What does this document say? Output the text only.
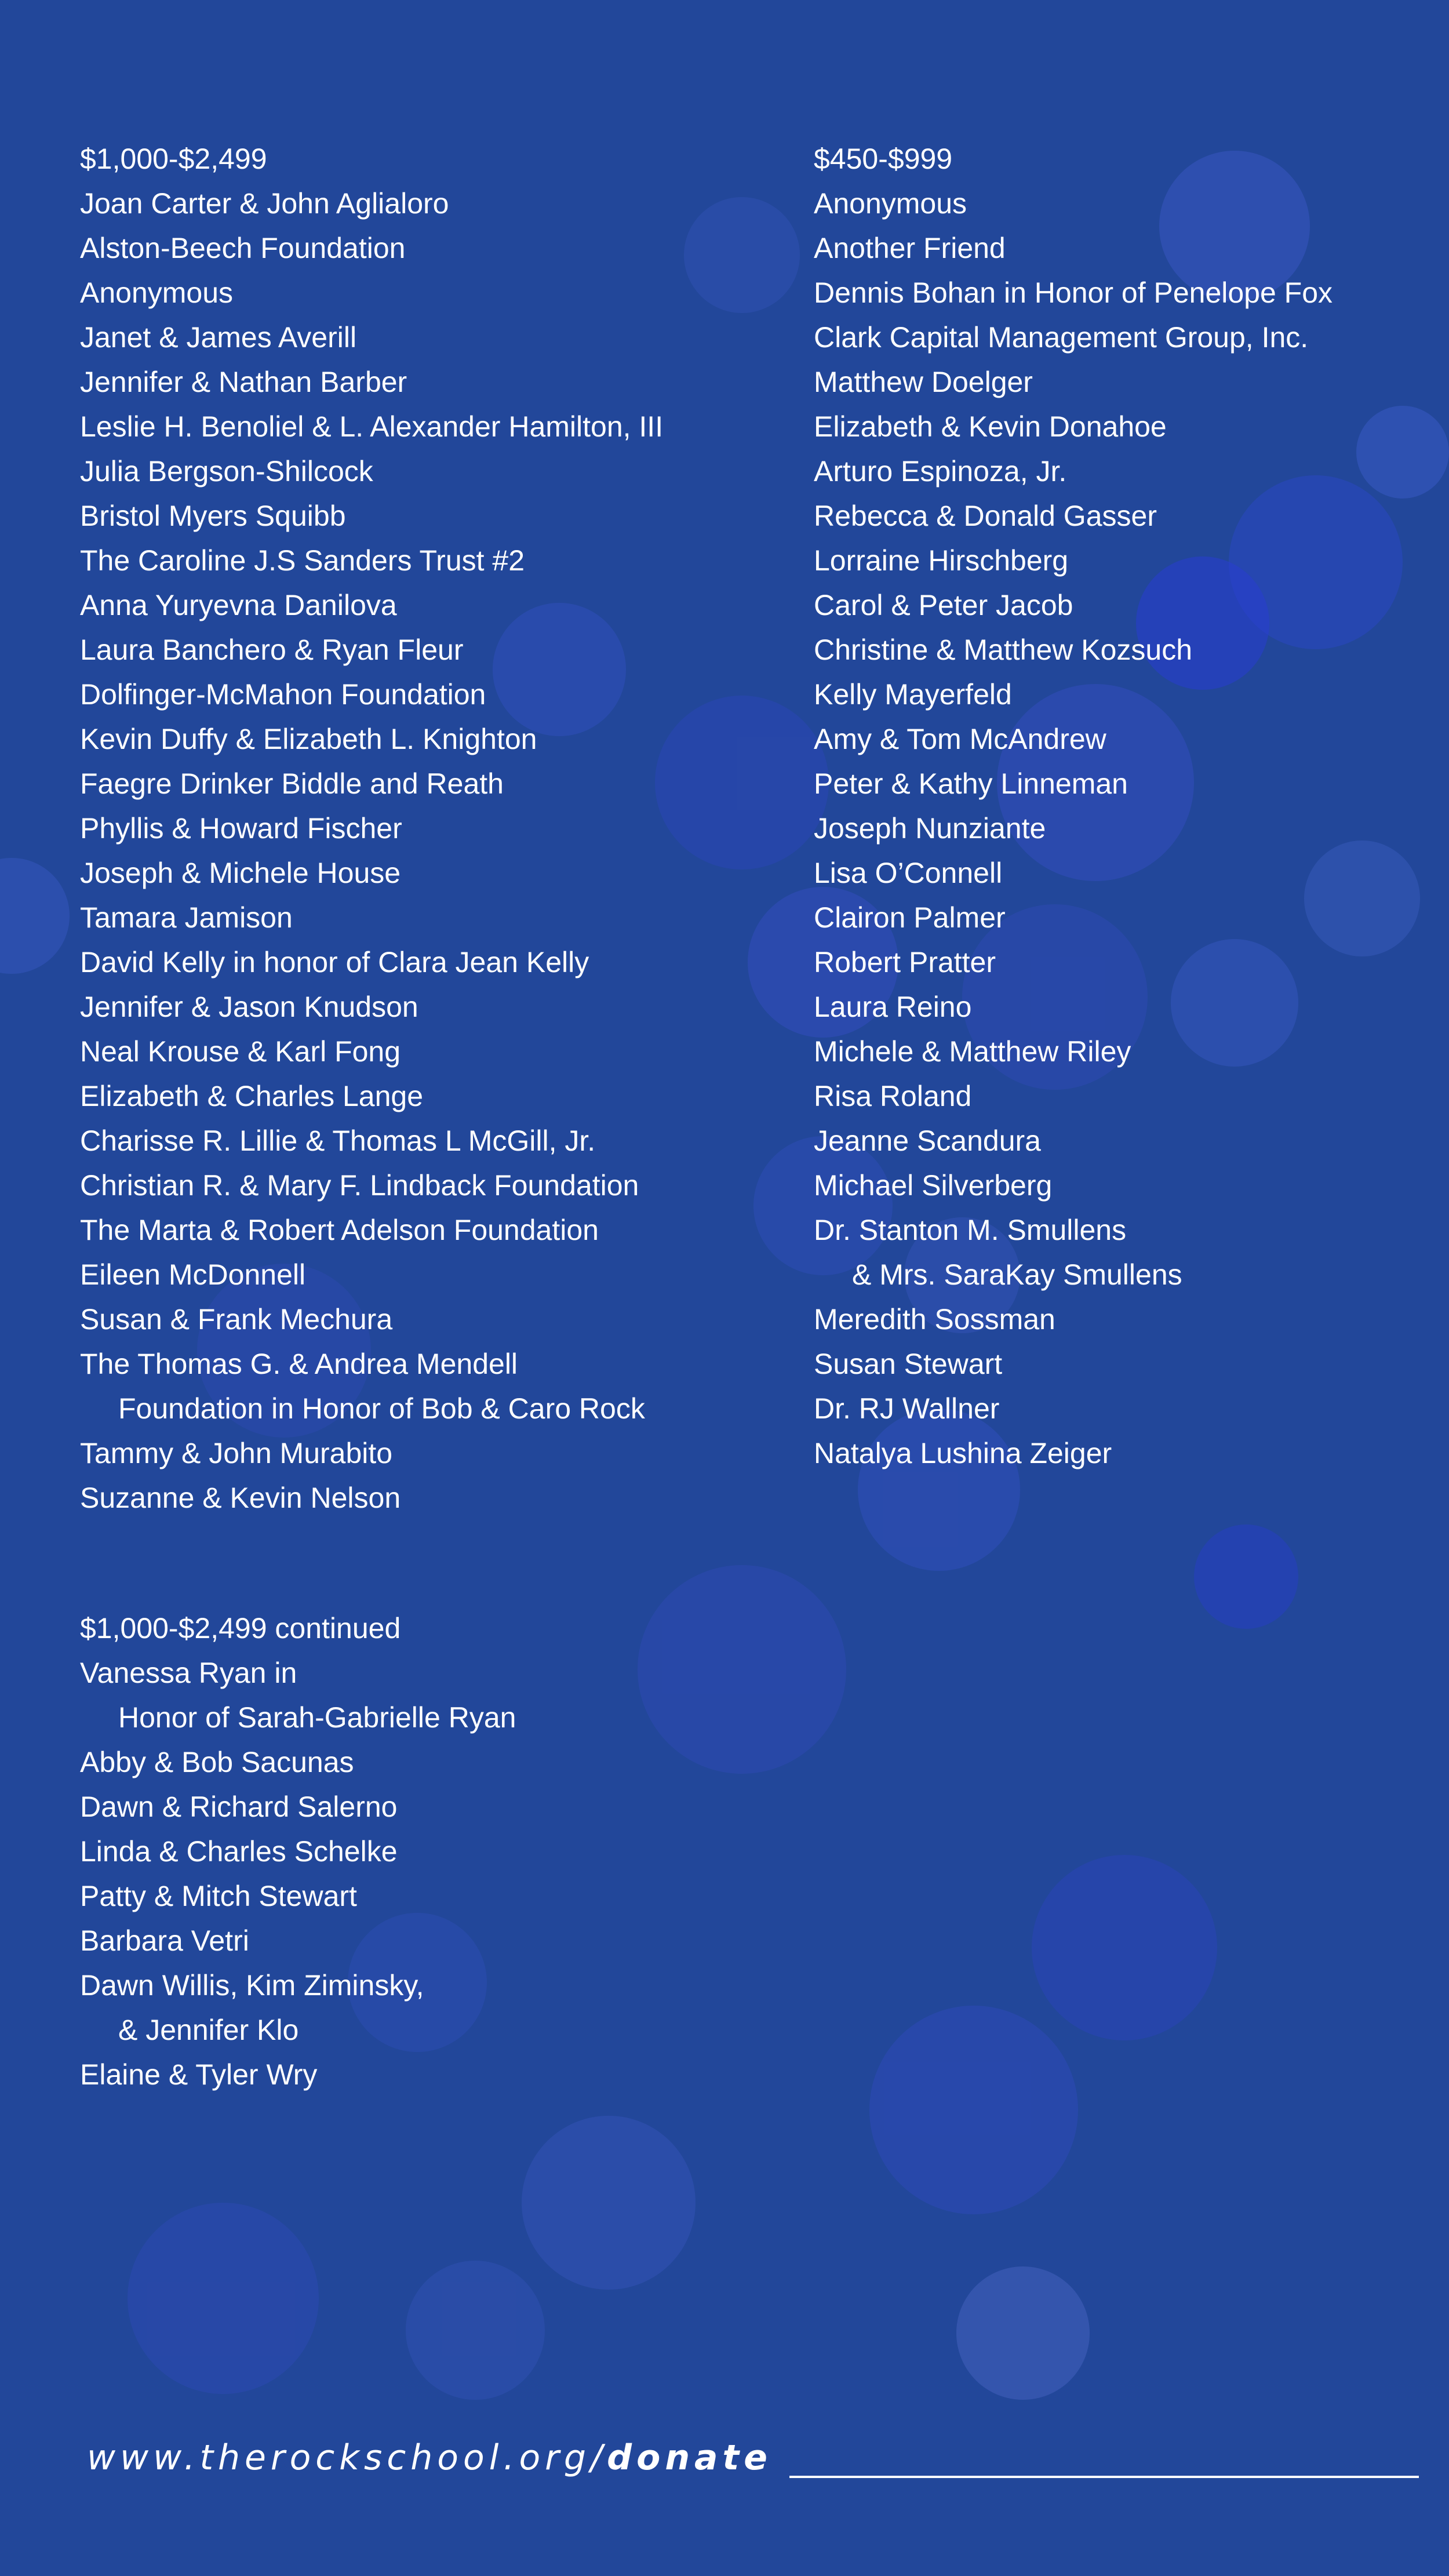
$1,000-$2,499
Joan Carter & John Aglialoro
Alston-Beech Foundation
Anonymous
Janet & James Averill
Jennifer & Nathan Barber
Leslie H. Benoliel & L. Alexander Hamilton, III
Julia Bergson-Shilcock
Bristol Myers Squibb
The Caroline J.S Sanders Trust #2
Anna Yuryevna Danilova
Laura Banchero & Ryan Fleur
Dolfinger-McMahon Foundation
Kevin Duffy & Elizabeth L. Knighton
Faegre Drinker Biddle and Reath
Phyllis & Howard Fischer
Joseph & Michele House
Tamara Jamison
David Kelly in honor of Clara Jean Kelly
Jennifer & Jason Knudson
Neal Krouse & Karl Fong
Elizabeth & Charles Lange
Charisse R. Lillie & Thomas L McGill, Jr.
Christian R. & Mary F. Lindback Foundation
The Marta & Robert Adelson Foundation
Eileen McDonnell
Susan & Frank Mechura
The Thomas G. & Andrea Mendell
Foundation in Honor of Bob & Caro Rock
Tammy & John Murabito
Suzanne & Kevin Nelson
$450-$999
Anonymous
Another Friend
Dennis Bohan in Honor of Penelope Fox
Clark Capital Management Group, Inc.
Matthew Doelger
Elizabeth & Kevin Donahoe
Arturo Espinoza, Jr.
Rebecca & Donald Gasser
Lorraine Hirschberg
Carol & Peter Jacob
Christine & Matthew Kozsuch
Kelly Mayerfeld
Amy & Tom McAndrew
Peter & Kathy Linneman
Joseph Nunziante
Lisa O’Connell
Clairon Palmer
Robert Pratter
Laura Reino
Michele & Matthew Riley
Risa Roland
Jeanne Scandura
Michael Silverberg
Dr. Stanton M. Smullens
& Mrs. SaraKay Smullens
Meredith Sossman
Susan Stewart
Dr. RJ Wallner
Natalya Lushina Zeiger
$1,000-$2,499 continued
Vanessa Ryan in
Honor of Sarah-Gabrielle Ryan
Abby & Bob Sacunas
Dawn & Richard Salerno
Linda & Charles Schelke
Patty & Mitch Stewart
Barbara Vetri
Dawn Willis, Kim Ziminsky,
& Jennifer Klo
Elaine & Tyler Wry
www.therockschool.org/donate
